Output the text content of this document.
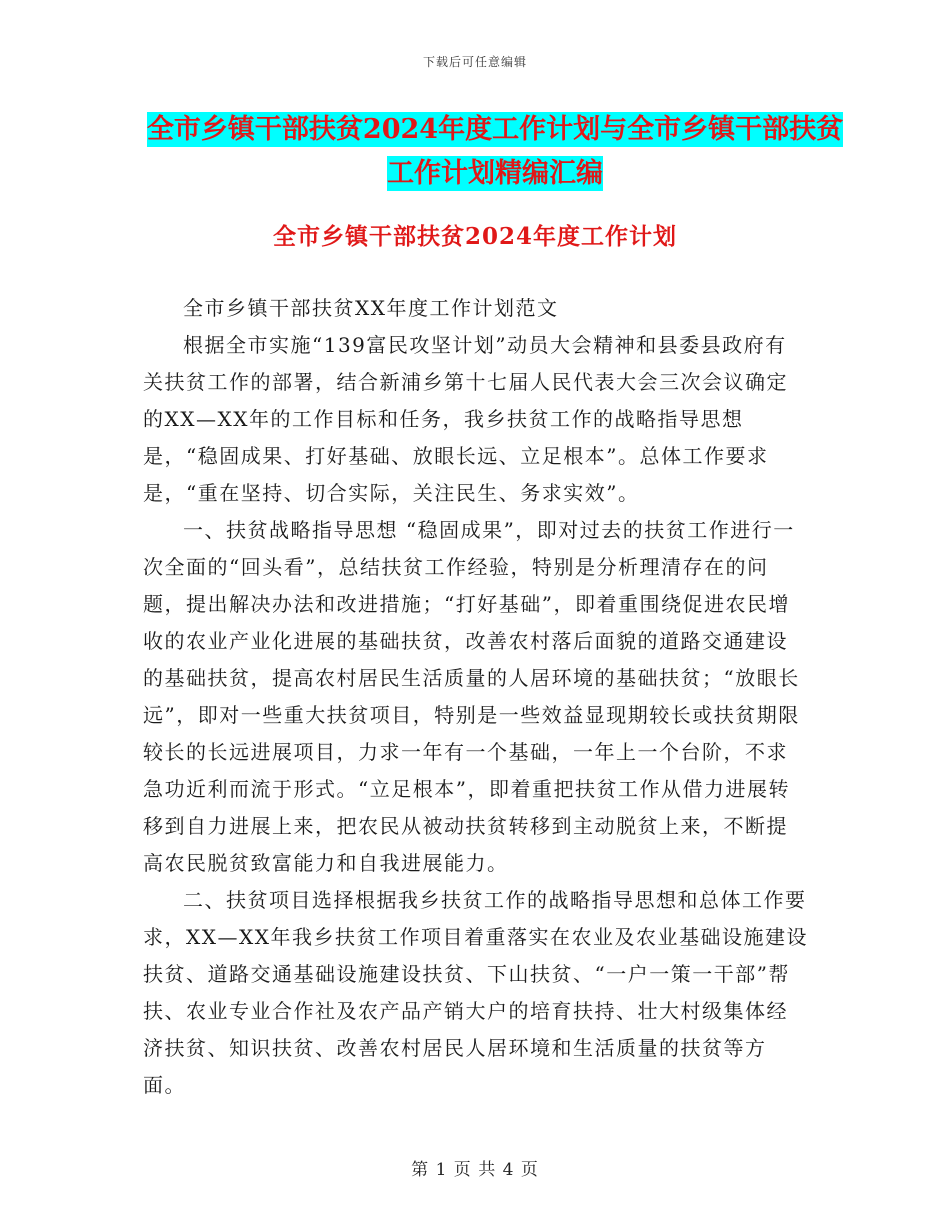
下载后可任意编辑
全市乡镇干部扶贫2024年度工作计划与全市乡镇干部扶贫工作计划精编汇编
全市乡镇干部扶贫2024年度工作计划

全市乡镇干部扶贫XX年度工作计划范文

根据全市实施“139富民攻坚计划”动员大会精神和县委县政府有关扶贫工作的部署，结合新浦乡第十七届人民代表大会三次会议确定的XX—XX年的工作目标和任务，我乡扶贫工作的战略指导思想是，“稳固成果、打好基础、放眼长远、立足根本”。总体工作要求是，“重在坚持、切合实际，关注民生、务求实效”。

一、扶贫战略指导思想 “稳固成果”，即对过去的扶贫工作进行一次全面的“回头看”，总结扶贫工作经验，特别是分析理清存在的问题，提出解决办法和改进措施；“打好基础”，即着重围绕促进农民增收的农业产业化进展的基础扶贫，改善农村落后面貌的道路交通建设的基础扶贫，提高农村居民生活质量的人居环境的基础扶贫；“放眼长远”，即对一些重大扶贫项目，特别是一些效益显现期较长或扶贫期限较长的长远进展项目，力求一年有一个基础，一年上一个台阶，不求急功近利而流于形式。“立足根本”，即着重把扶贫工作从借力进展转移到自力进展上来，把农民从被动扶贫转移到主动脱贫上来，不断提高农民脱贫致富能力和自我进展能力。

二、扶贫项目选择根据我乡扶贫工作的战略指导思想和总体工作要求，XX—XX年我乡扶贫工作项目着重落实在农业及农业基础设施建设扶贫、道路交通基础设施建设扶贫、下山扶贫、“一户一策一干部”帮扶、农业专业合作社及农产品产销大户的培育扶持、壮大村级集体经济扶贫、知识扶贫、改善农村居民人居环境和生活质量的扶贫等方面。

第 1 页 共 4 页
